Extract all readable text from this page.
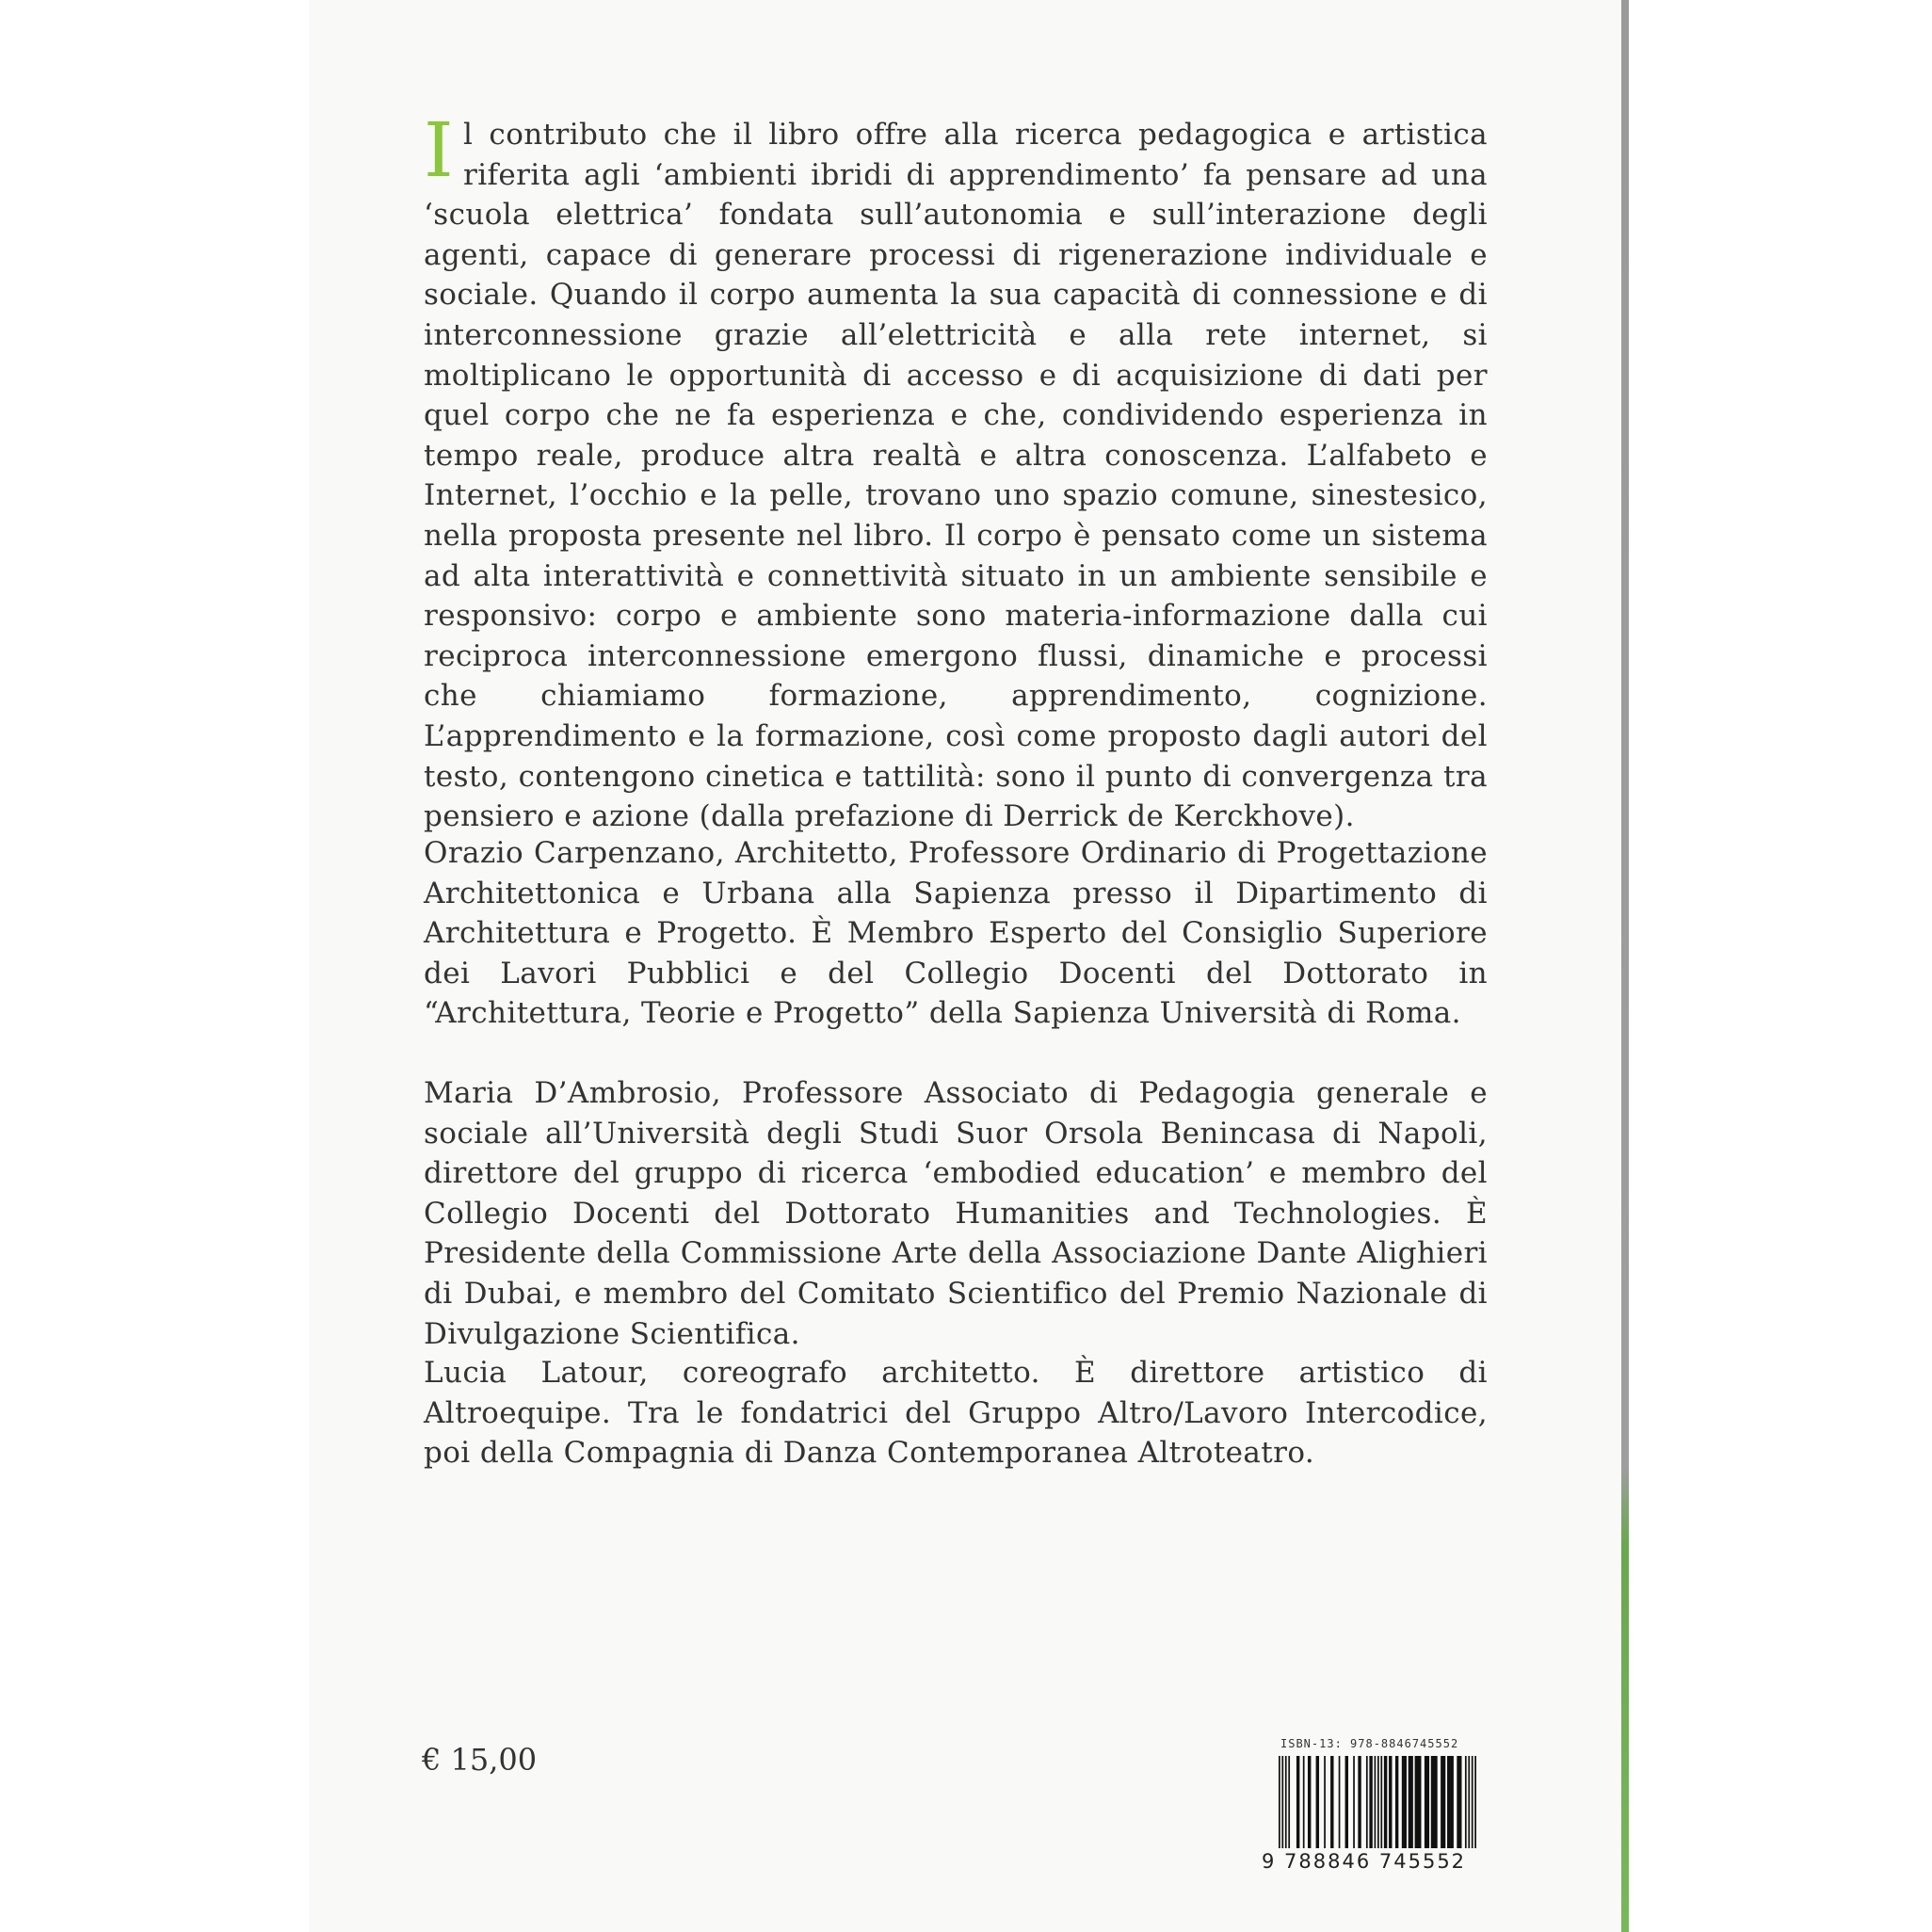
Il contributo che il libro offre alla ricerca pedagogica e artistica riferita agli ‘ambienti ibridi di apprendimento’ fa pensare ad una ‘scuola elettrica’ fondata sull’autonomia e sull’interazione degli agenti, capace di generare processi di rigenerazione individuale e sociale. Quando il corpo aumenta la sua capacità di connessione e di interconnessione grazie all’elettricità e alla rete internet, si moltiplicano le opportunità di accesso e di acquisizione di dati per quel corpo che ne fa esperienza e che, condividendo esperienza in tempo reale, produce altra realtà e altra conoscenza. L’alfabeto e Internet, l’occhio e la pelle, trovano uno spazio comune, sinestesico, nella proposta presente nel libro. Il corpo è pensato come un sistema ad alta interattività e connettività situato in un ambiente sensibile e responsivo: corpo e ambiente sono materia-informazione dalla cui reciproca interconnessione emergono flussi, dinamiche e processi che chiamiamo formazione, apprendimento, cognizione. L’apprendimento e la formazione, così come proposto dagli autori del testo, contengono cinetica e tattilità: sono il punto di convergenza tra pensiero e azione (dalla prefazione di Derrick de Kerckhove).

Orazio Carpenzano, Architetto, Professore Ordinario di Progettazione Architettonica e Urbana alla Sapienza presso il Dipartimento di Architettura e Progetto. È Membro Esperto del Consiglio Superiore dei Lavori Pubblici e del Collegio Docenti del Dottorato in “Architettura, Teorie e Progetto” della Sapienza Università di Roma.

Maria D’Ambrosio, Professore Associato di Pedagogia generale e sociale all’Università degli Studi Suor Orsola Benincasa di Napoli, direttore del gruppo di ricerca ‘embodied education’ e membro del Collegio Docenti del Dottorato Humanities and Technologies. È Presidente della Commissione Arte della Associazione Dante Alighieri di Dubai, e membro del Comitato Scientifico del Premio Nazionale di Divulgazione Scientifica.

Lucia Latour, coreografo architetto. È direttore artistico di Altroequipe. Tra le fondatrici del Gruppo Altro/Lavoro Intercodice, poi della Compagnia di Danza Contemporanea Altroteatro.

€ 15,00	ISBN-13: 978-8846745552
9 788846 745552
